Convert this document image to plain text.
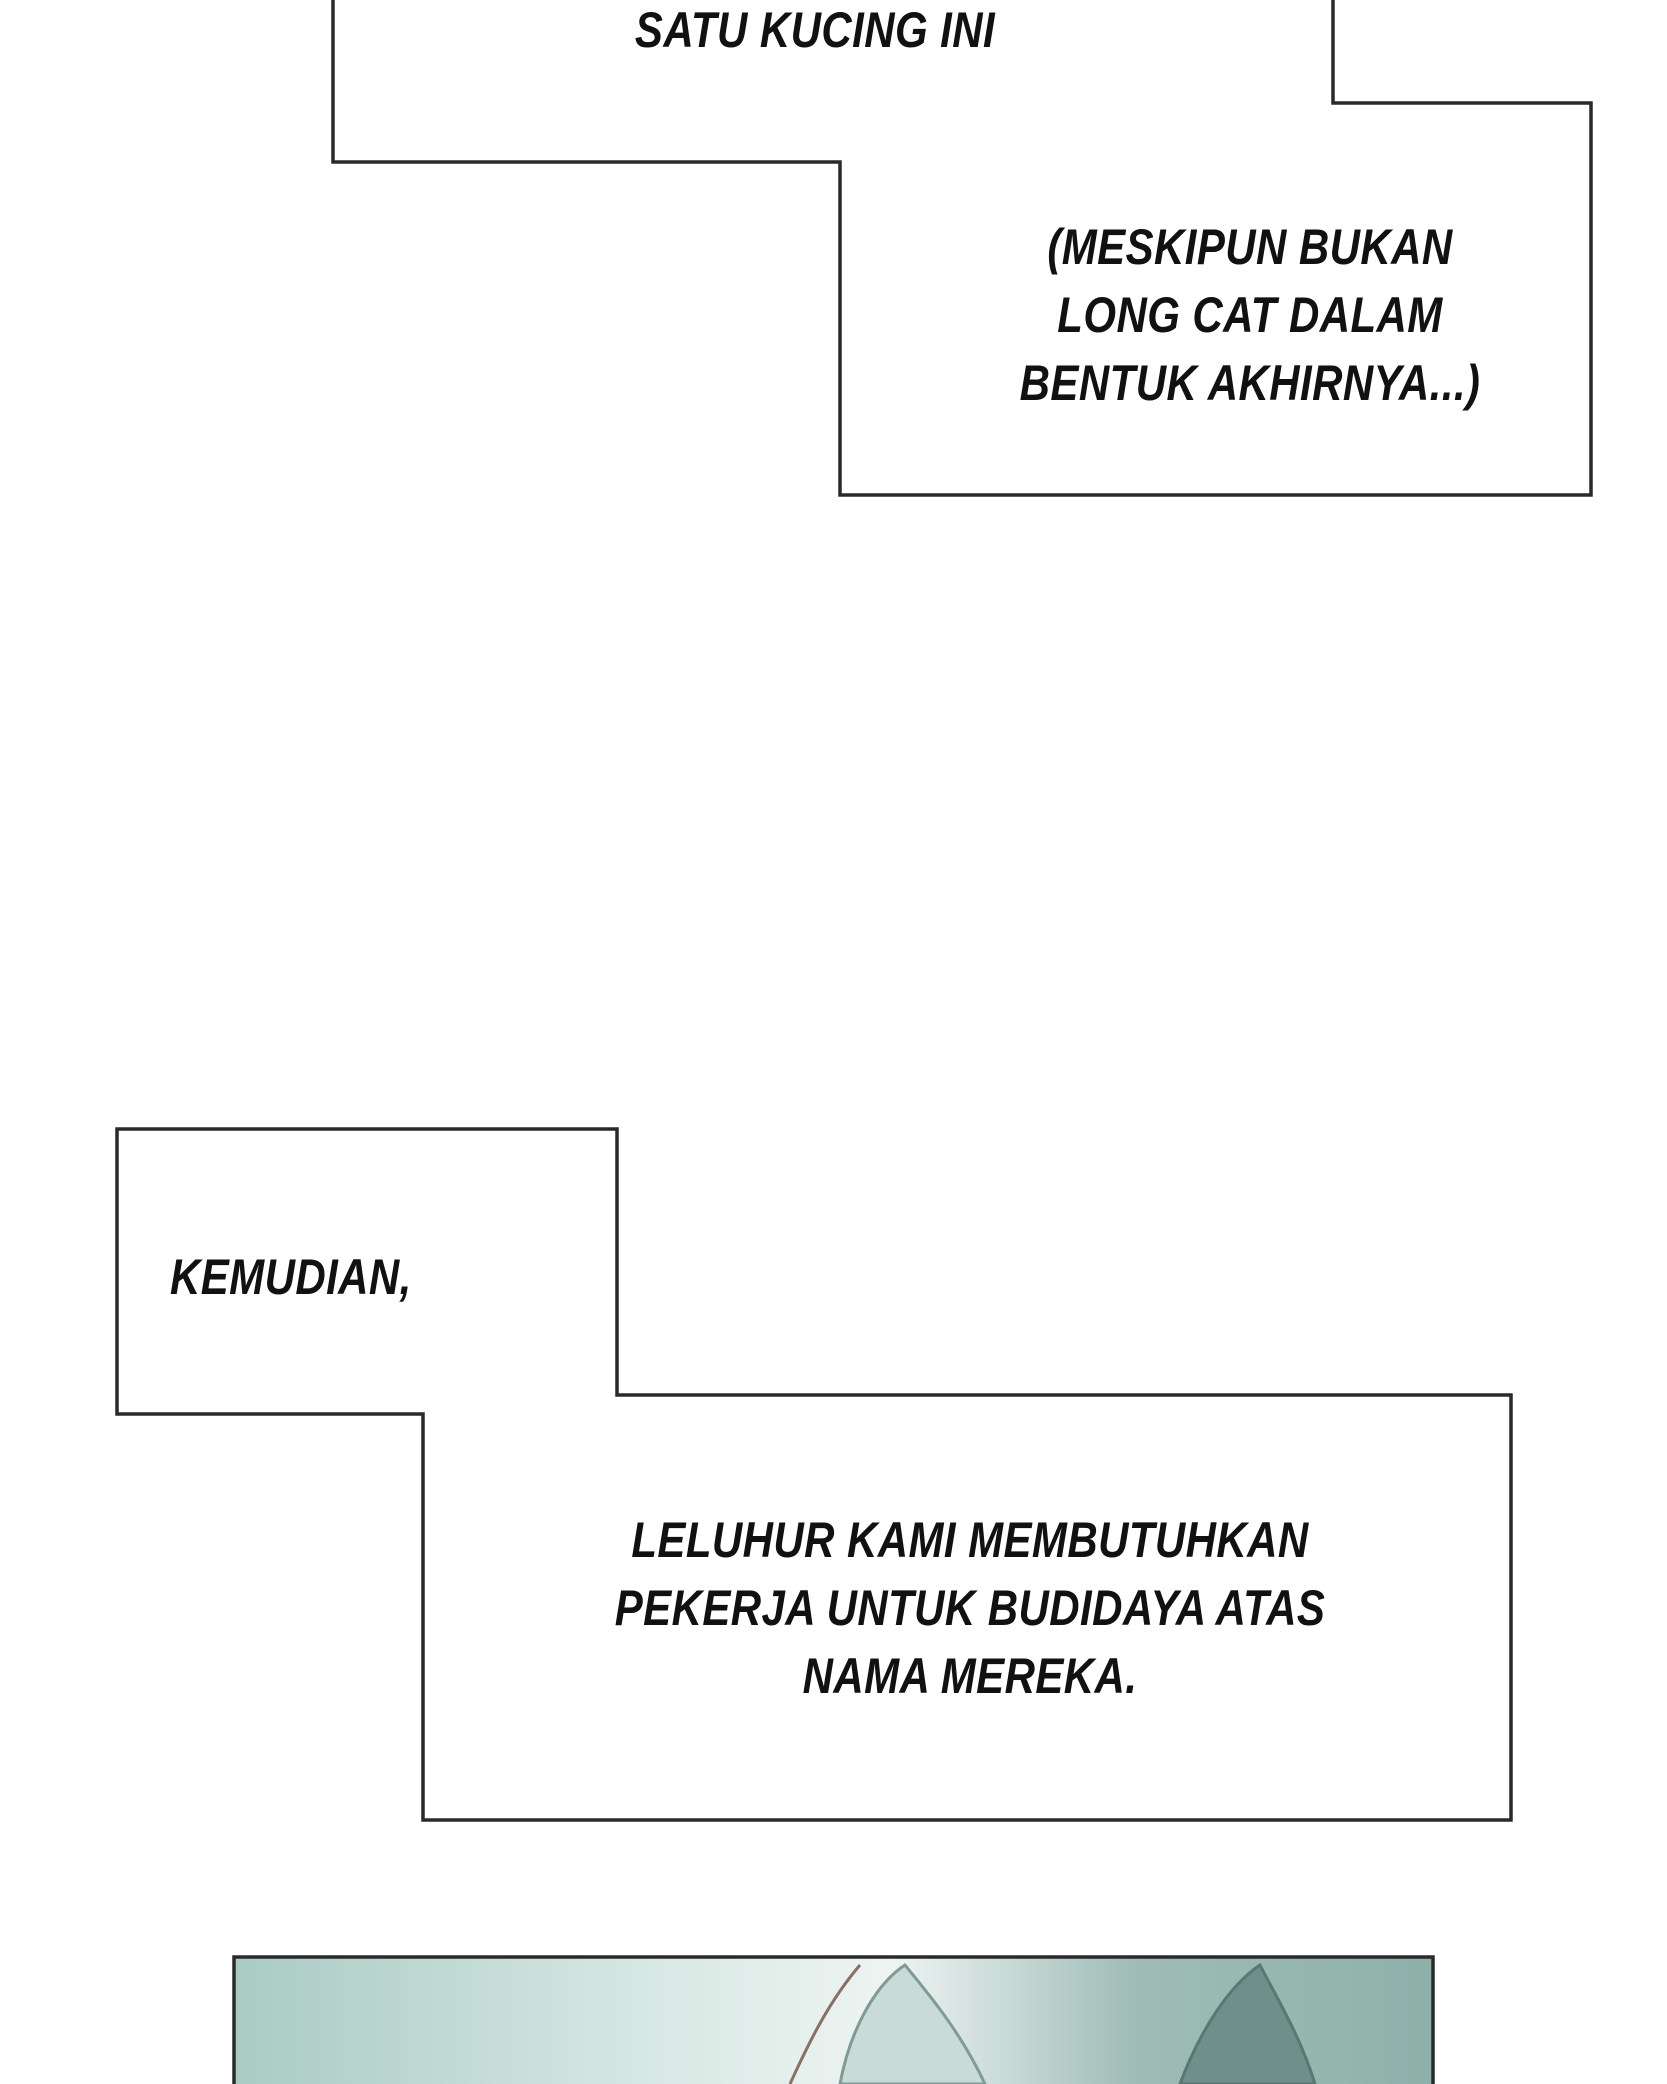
SATU KUCING INI

(MESKIPUN BUKAN
LONG CAT DALAM
BENTUK AKHIRNYA...)

KEMUDIAN,

LELUHUR KAMI MEMBUTUHKAN
PEKERJA UNTUK BUDIDAYA ATAS
NAMA MEREKA.
